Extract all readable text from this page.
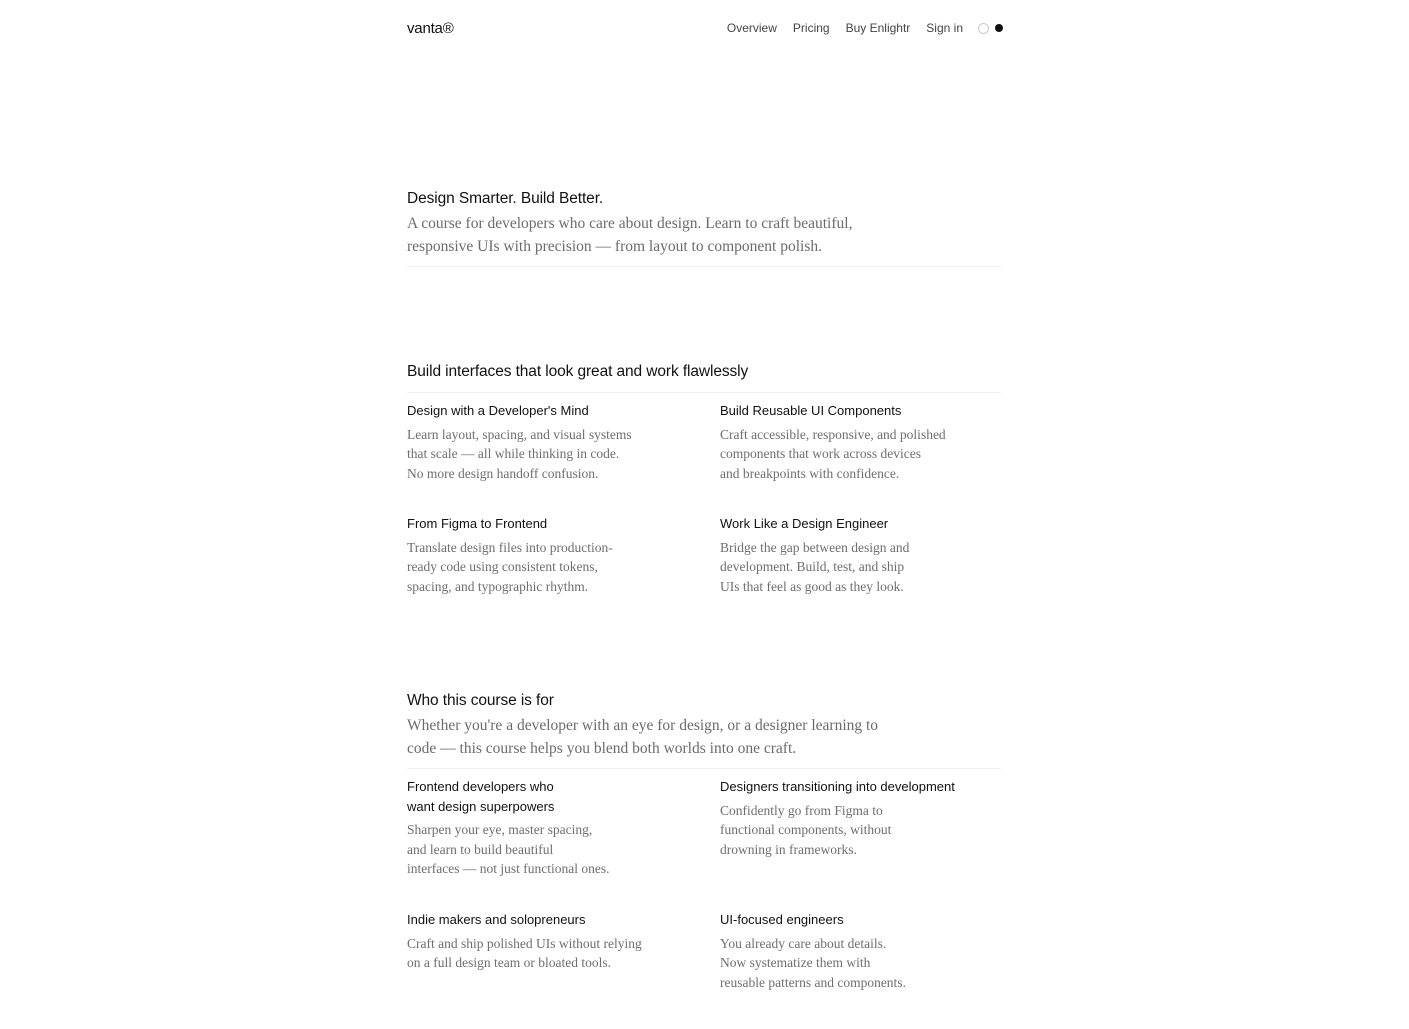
vanta®	Overview Pricing Buy Enlightr Sign in
Design Smarter. Build Better.

A course for developers who care about design. Learn to craft beautiful, responsive UIs with precision — from layout to component polish.

Build interfaces that look great and work flawlessly
Design with a Developer's Mind

Learn layout, spacing, and visual systems
that scale — all while thinking in code.
No more design handoff confusion.

Build Reusable UI Components

Craft accessible, responsive, and polished
components that work across devices
and breakpoints with confidence.

From Figma to Frontend

Translate design files into production-
ready code using consistent tokens,
spacing, and typographic rhythm.

Work Like a Design Engineer

Bridge the gap between design and
development. Build, test, and ship
UIs that feel as good as they look.

Who this course is for

Whether you're a developer with an eye for design, or a designer learning to code — this course helps you blend both worlds into one craft.

Frontend developers who
want design superpowers

Sharpen your eye, master spacing,
and learn to build beautiful
interfaces — not just functional ones.

Designers transitioning into development

Confidently go from Figma to
functional components, without
drowning in frameworks.

Indie makers and solopreneurs

Craft and ship polished UIs without relying
on a full design team or bloated tools.

UI-focused engineers

You already care about details.
Now systematize them with
reusable patterns and components.
